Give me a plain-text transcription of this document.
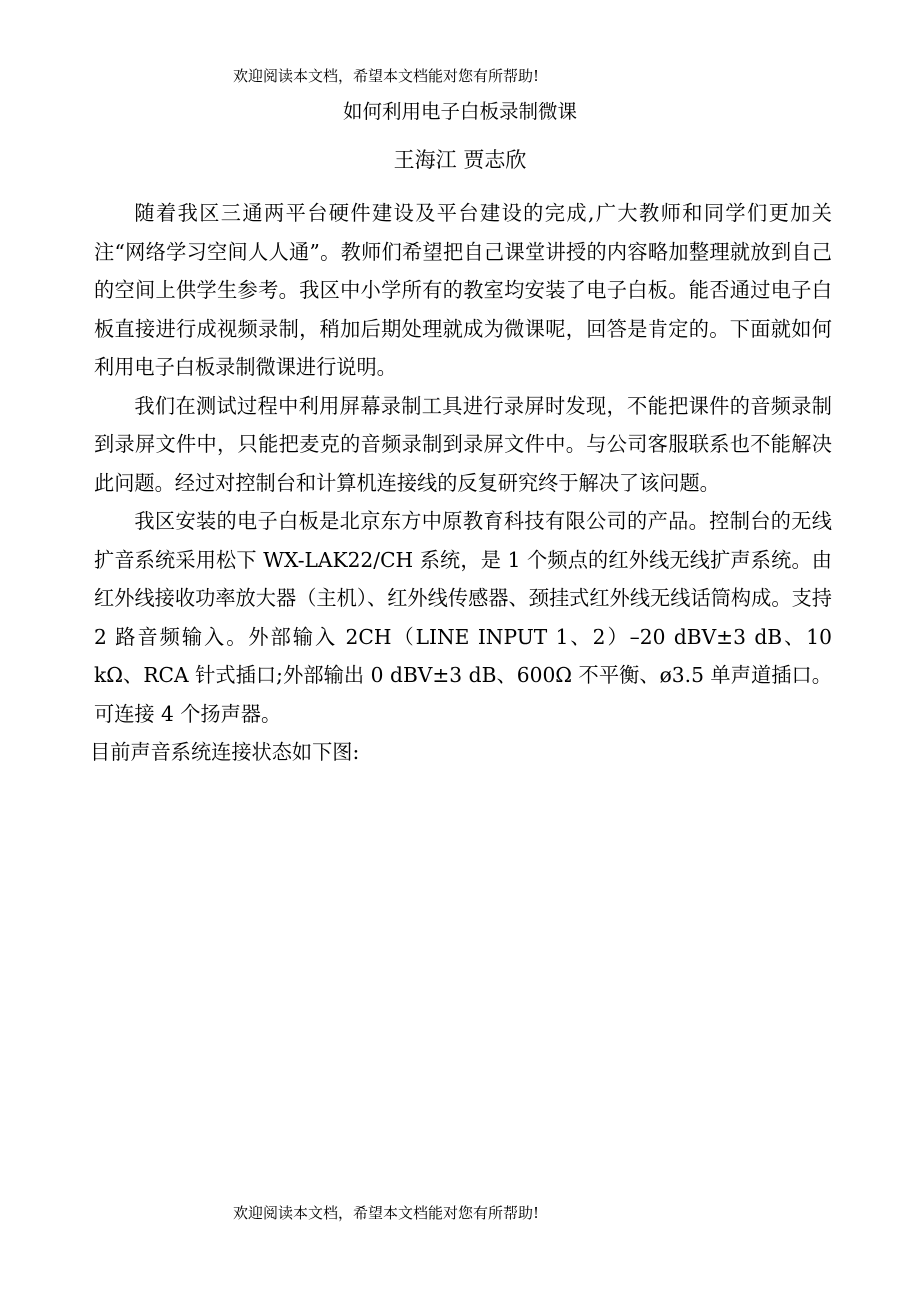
欢迎阅读本文档，希望本文档能对您有所帮助!
如何利用电子白板录制微课
王海江 贾志欣

随着我区三通两平台硬件建设及平台建设的完成,广大教师和同学们更加关注“网络学习空间人人通”。教师们希望把自己课堂讲授的内容略加整理就放到自己的空间上供学生参考。我区中小学所有的教室均安装了电子白板。能否通过电子白板直接进行成视频录制，稍加后期处理就成为微课呢，回答是肯定的。下面就如何利用电子白板录制微课进行说明。

我们在测试过程中利用屏幕录制工具进行录屏时发现，不能把课件的音频录制到录屏文件中，只能把麦克的音频录制到录屏文件中。与公司客服联系也不能解决此问题。经过对控制台和计算机连接线的反复研究终于解决了该问题。

我区安装的电子白板是北京东方中原教育科技有限公司的产品。控制台的无线扩音系统采用松下 WX-LAK22/CH 系统，是 1 个频点的红外线无线扩声系统。由红外线接收功率放大器（主机）、红外线传感器、颈挂式红外线无线话筒构成。支持 2 路音频输入。外部输入 2CH（LINE INPUT 1、2）–20 dBV±3 dB、10 kΩ、RCA 针式插口;外部输出 0 dBV±3 dB、600Ω 不平衡、ø3.5 单声道插口。可连接 4 个扬声器。

目前声音系统连接状态如下图:

欢迎阅读本文档，希望本文档能对您有所帮助!
